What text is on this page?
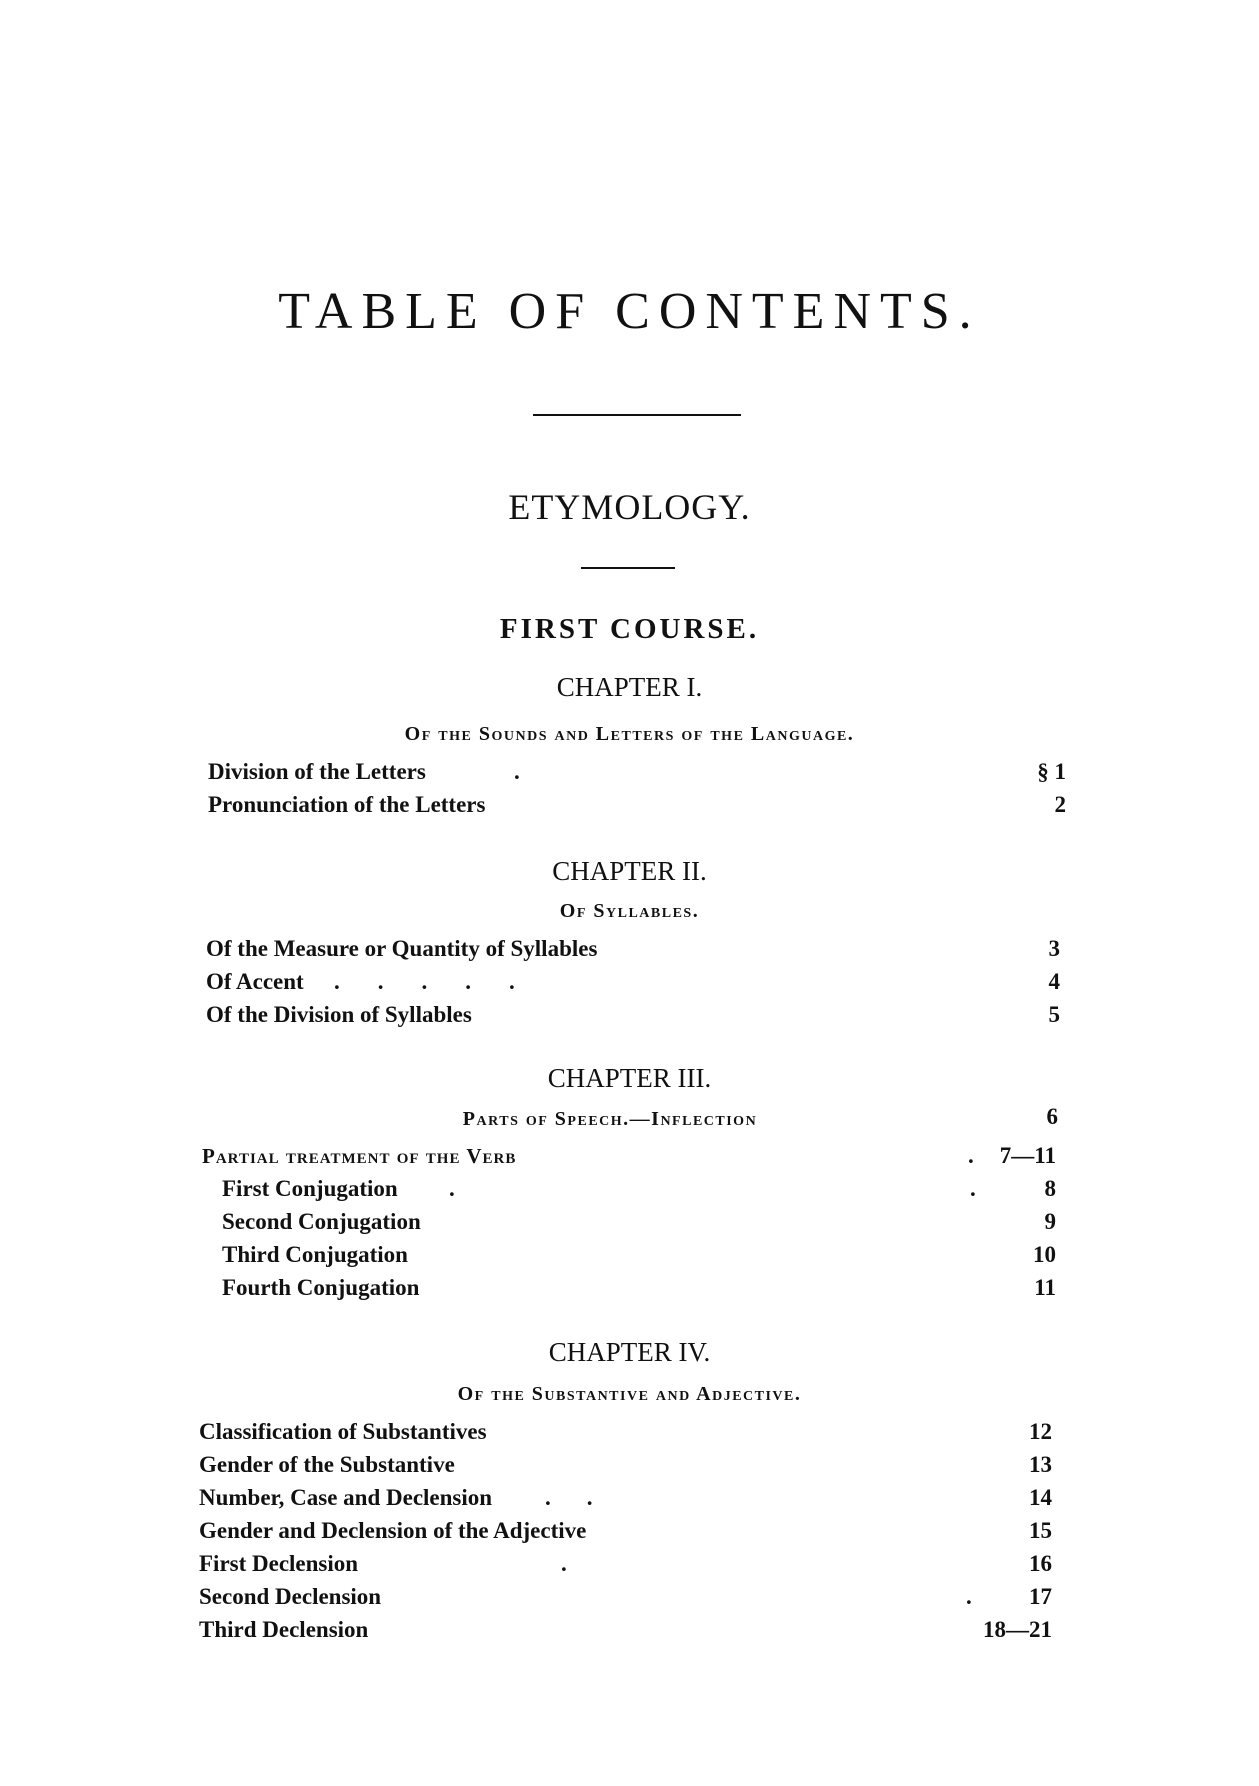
TABLE OF CONTENTS.
ETYMOLOGY.
FIRST COURSE.
CHAPTER I.
Of the Sounds and Letters of the Language.
Division of the Letters	.	§ 1
Pronunciation of the Letters	2
CHAPTER II.
Of Syllables.
Of the Measure or Quantity of Syllables	3
Of Accent .....	4
Of the Division of Syllables	5
CHAPTER III.
Parts of Speech.—Inflection	6
Partial treatment of the Verb	.	7—11
First Conjugation .	.	8
Second Conjugation	9
Third Conjugation	10
Fourth Conjugation	11
CHAPTER IV.
Of the Substantive and Adjective.
Classification of Substantives	12
Gender of the Substantive	13
Number, Case and Declension ..	14
Gender and Declension of the Adjective	15
First Declension	.	16
Second Declension	.	17
Third Declension	18—21
